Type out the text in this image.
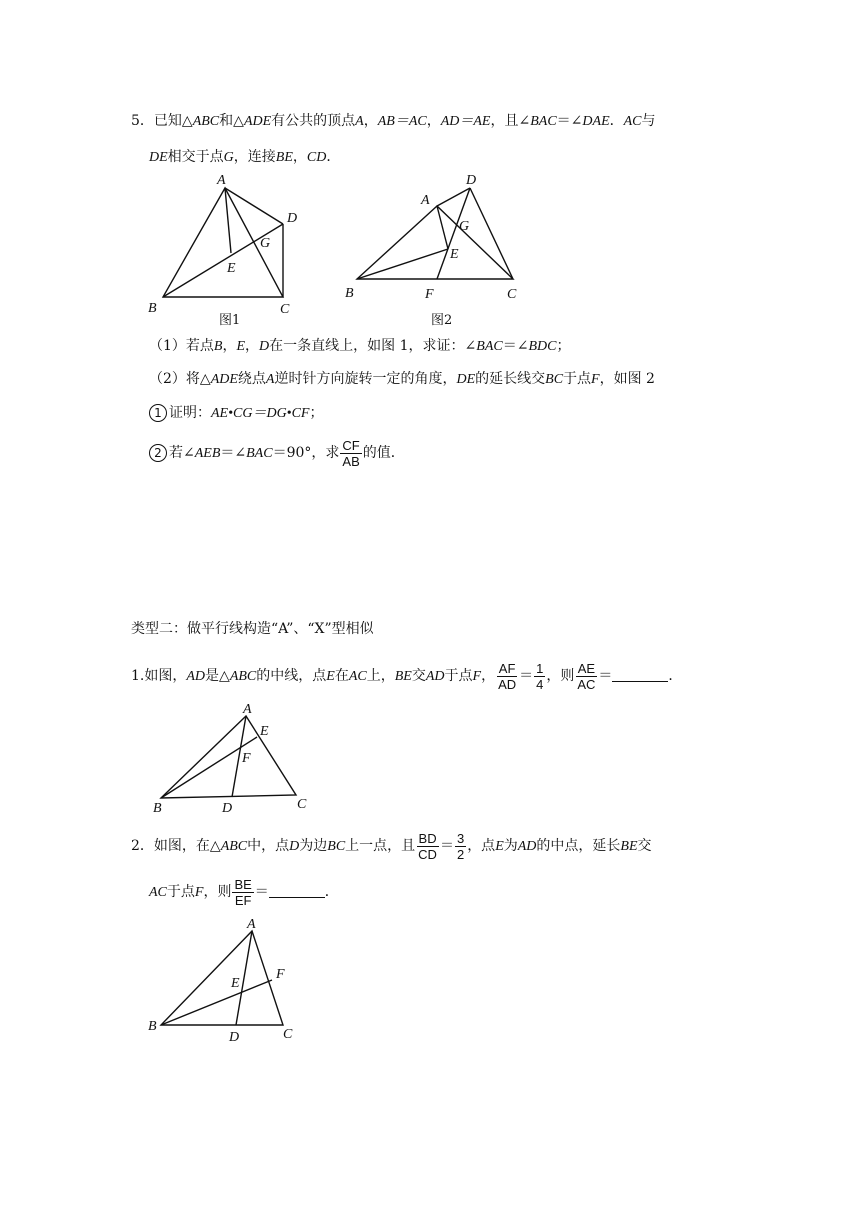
5．已知△ABC和△ADE有公共的顶点A，AB＝AC，AD＝AE，且∠BAC＝∠DAE．AC与
DE相交于点G，连接BE，CD．
A
B	C
D
E
G
图1
A
B	C
D
E
F
G
图2
（1）若点B，E，D在一条直线上，如图 1，求证：∠BAC＝∠BDC；
（2）将△ADE绕点A逆时针方向旋转一定的角度，DE的延长线交BC于点F，如图 2
1 证明：AE•CG＝DG•CF；
2 若∠AEB＝∠BAC＝90°，求 $\frac{CF}{AB}$ 的值．
类型二：做平行线构造“A”、“X”型相似
1.如图，AD是△ABC的中线，点E在AC上，BE交AD于点F， $\frac{AF}{AD} = \frac{1}{4}$ ，则 $\frac{AE}{AC}$ ＝	．
A
B	C
D
E
F
2．如图，在△ABC中，点D为边BC上一点，且 $\frac{BD}{CD} = \frac{3}{2}$ ，点E为AD的中点，延长BE交
AC于点F，则 $\frac{BE}{EF}$ ＝	．
A
B
C
D
E
F
